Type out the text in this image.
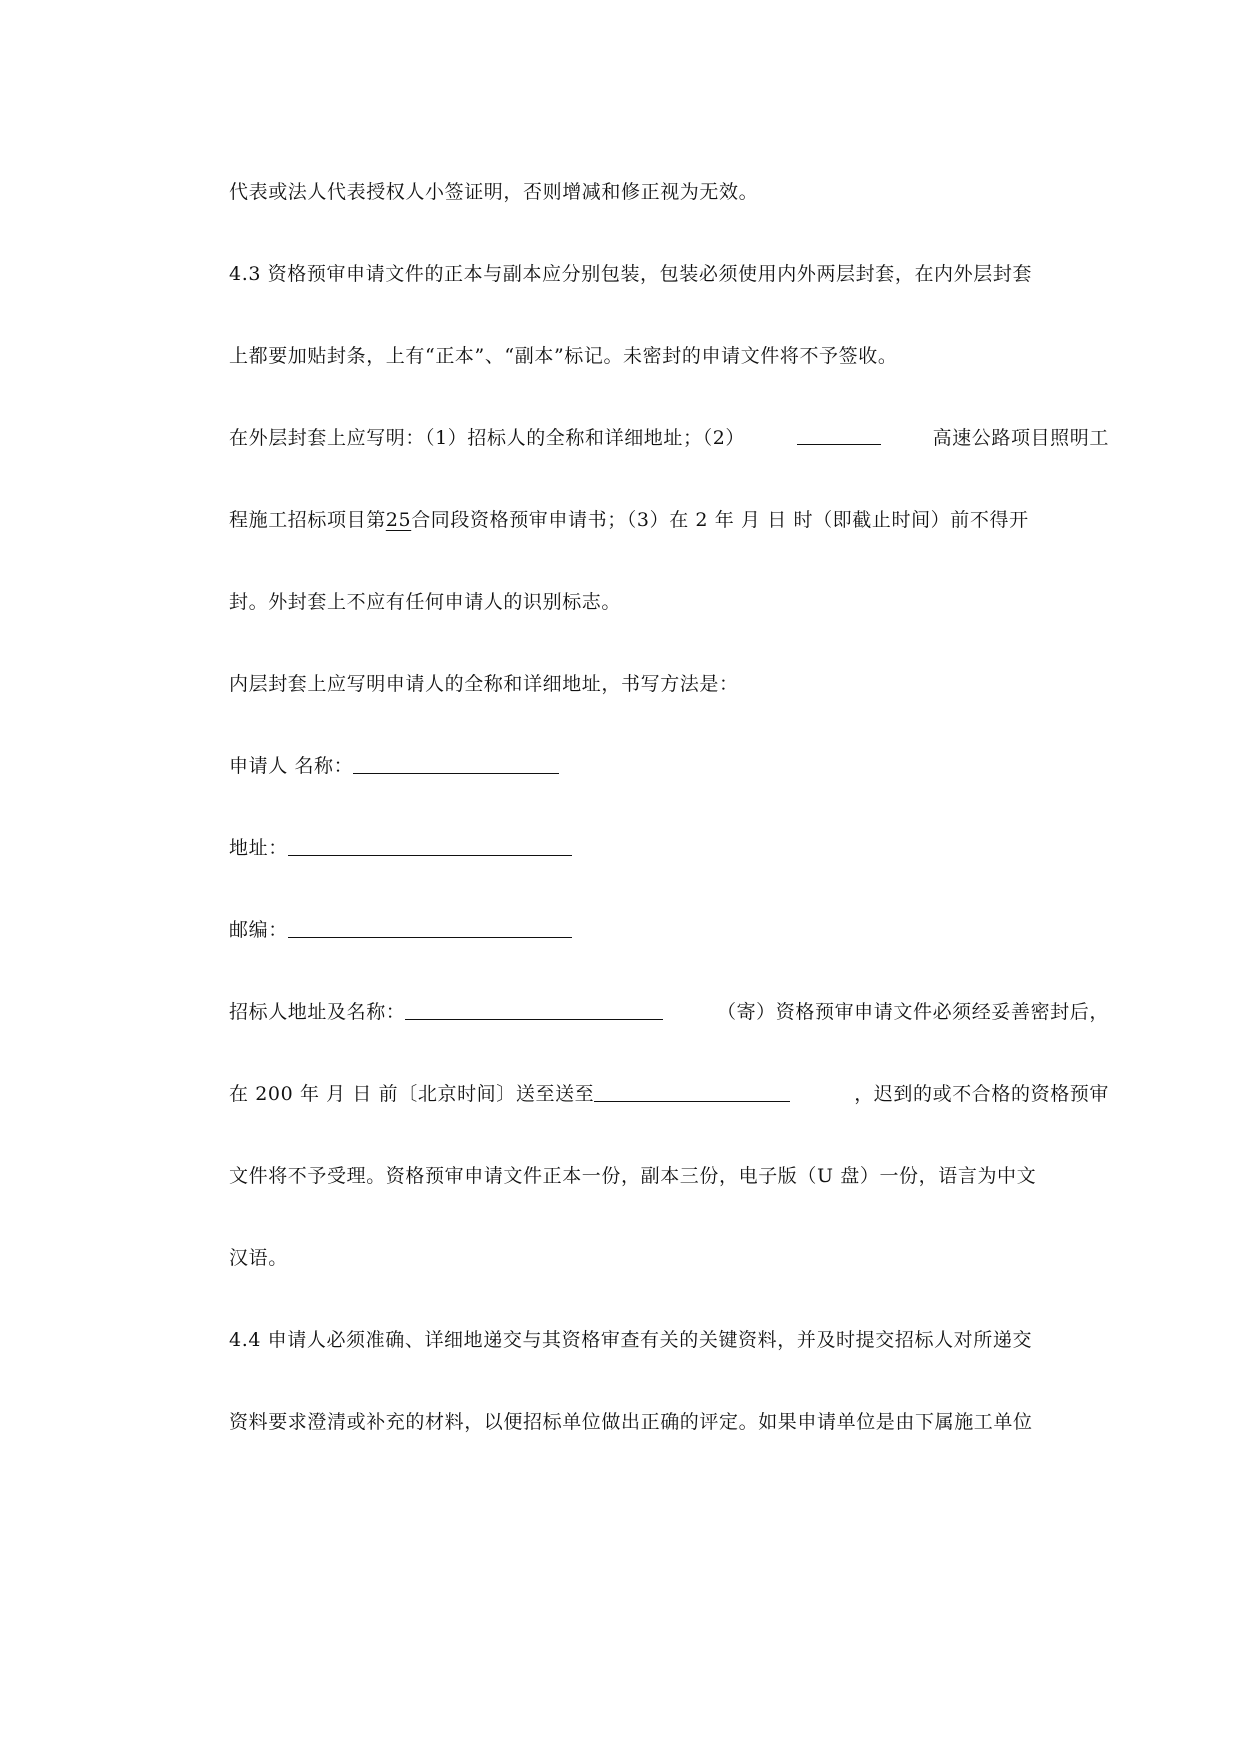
代表或法人代表授权人小签证明，否则增减和修正视为无效。
4.3 资格预审申请文件的正本与副本应分别包装，包装必须使用内外两层封套，在内外层封套
上都要加贴封条，上有“正本”、“副本”标记。未密封的申请文件将不予签收。
在外层封套上应写明：（1）招标人的全称和详细地址；（2）	高速公路项目照明工
程施工招标项目第25合同段资格预审申请书；（3）在 2 年 月 日 时（即截止时间）前不得开
封。外封套上不应有任何申请人的识别标志。
内层封套上应写明申请人的全称和详细地址，书写方法是：
申请人 名称：
地址：
邮编：
招标人地址及名称：	（寄）资格预审申请文件必须经妥善密封后，
在 200 年 月 日 前〔北京时间〕送至送至	，迟到的或不合格的资格预审
文件将不予受理。资格预审申请文件正本一份，副本三份，电子版（U 盘）一份，语言为中文
汉语。
4.4 申请人必须准确、详细地递交与其资格审查有关的关键资料，并及时提交招标人对所递交
资料要求澄清或补充的材料，以便招标单位做出正确的评定。如果申请单位是由下属施工单位
